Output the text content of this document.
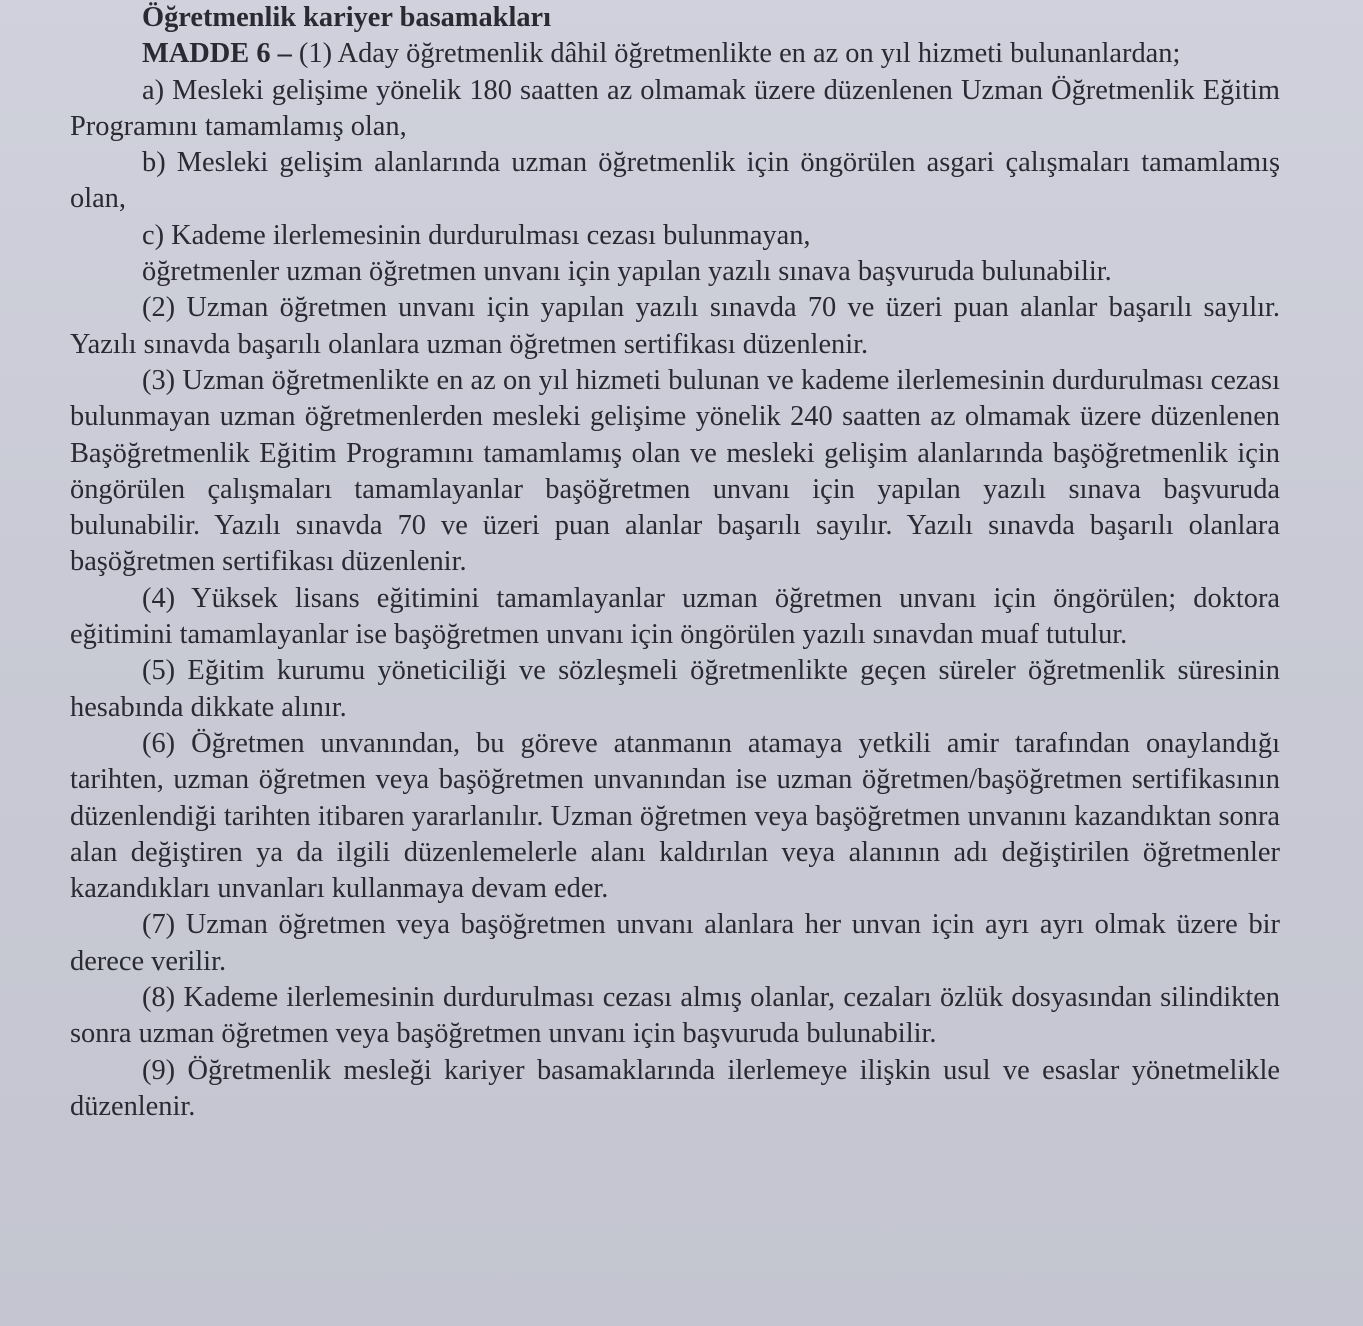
Öğretmenlik kariyer basamakları

MADDE 6 – (1) Aday öğretmenlik dâhil öğretmenlikte en az on yıl hizmeti bulunanlardan;

a) Mesleki gelişime yönelik 180 saatten az olmamak üzere düzenlenen Uzman Öğretmenlik Eğitim Programını tamamlamış olan,

b) Mesleki gelişim alanlarında uzman öğretmenlik için öngörülen asgari çalışmaları tamamlamış olan,

c) Kademe ilerlemesinin durdurulması cezası bulunmayan,

öğretmenler uzman öğretmen unvanı için yapılan yazılı sınava başvuruda bulunabilir.

(2) Uzman öğretmen unvanı için yapılan yazılı sınavda 70 ve üzeri puan alanlar başarılı sayılır. Yazılı sınavda başarılı olanlara uzman öğretmen sertifikası düzenlenir.

(3) Uzman öğretmenlikte en az on yıl hizmeti bulunan ve kademe ilerlemesinin durdurulması cezası bulunmayan uzman öğretmenlerden mesleki gelişime yönelik 240 saatten az olmamak üzere düzenlenen Başöğretmenlik Eğitim Programını tamamlamış olan ve mesleki gelişim alanlarında başöğretmenlik için öngörülen çalışmaları tamamlayanlar başöğretmen unvanı için yapılan yazılı sınava başvuruda bulunabilir. Yazılı sınavda 70 ve üzeri puan alanlar başarılı sayılır. Yazılı sınavda başarılı olanlara başöğretmen sertifikası düzenlenir.

(4) Yüksek lisans eğitimini tamamlayanlar uzman öğretmen unvanı için öngörülen; doktora eğitimini tamamlayanlar ise başöğretmen unvanı için öngörülen yazılı sınavdan muaf tutulur.

(5) Eğitim kurumu yöneticiliği ve sözleşmeli öğretmenlikte geçen süreler öğretmenlik süresinin hesabında dikkate alınır.

(6) Öğretmen unvanından, bu göreve atanmanın atamaya yetkili amir tarafından onaylandığı tarihten, uzman öğretmen veya başöğretmen unvanından ise uzman öğretmen/başöğretmen sertifikasının düzenlendiği tarihten itibaren yararlanılır. Uzman öğretmen veya başöğretmen unvanını kazandıktan sonra alan değiştiren ya da ilgili düzenlemelerle alanı kaldırılan veya alanının adı değiştirilen öğretmenler kazandıkları unvanları kullanmaya devam eder.

(7) Uzman öğretmen veya başöğretmen unvanı alanlara her unvan için ayrı ayrı olmak üzere bir derece verilir.

(8) Kademe ilerlemesinin durdurulması cezası almış olanlar, cezaları özlük dosyasından silindikten sonra uzman öğretmen veya başöğretmen unvanı için başvuruda bulunabilir.

(9) Öğretmenlik mesleği kariyer basamaklarında ilerlemeye ilişkin usul ve esaslar yönetmelikle düzenlenir.
